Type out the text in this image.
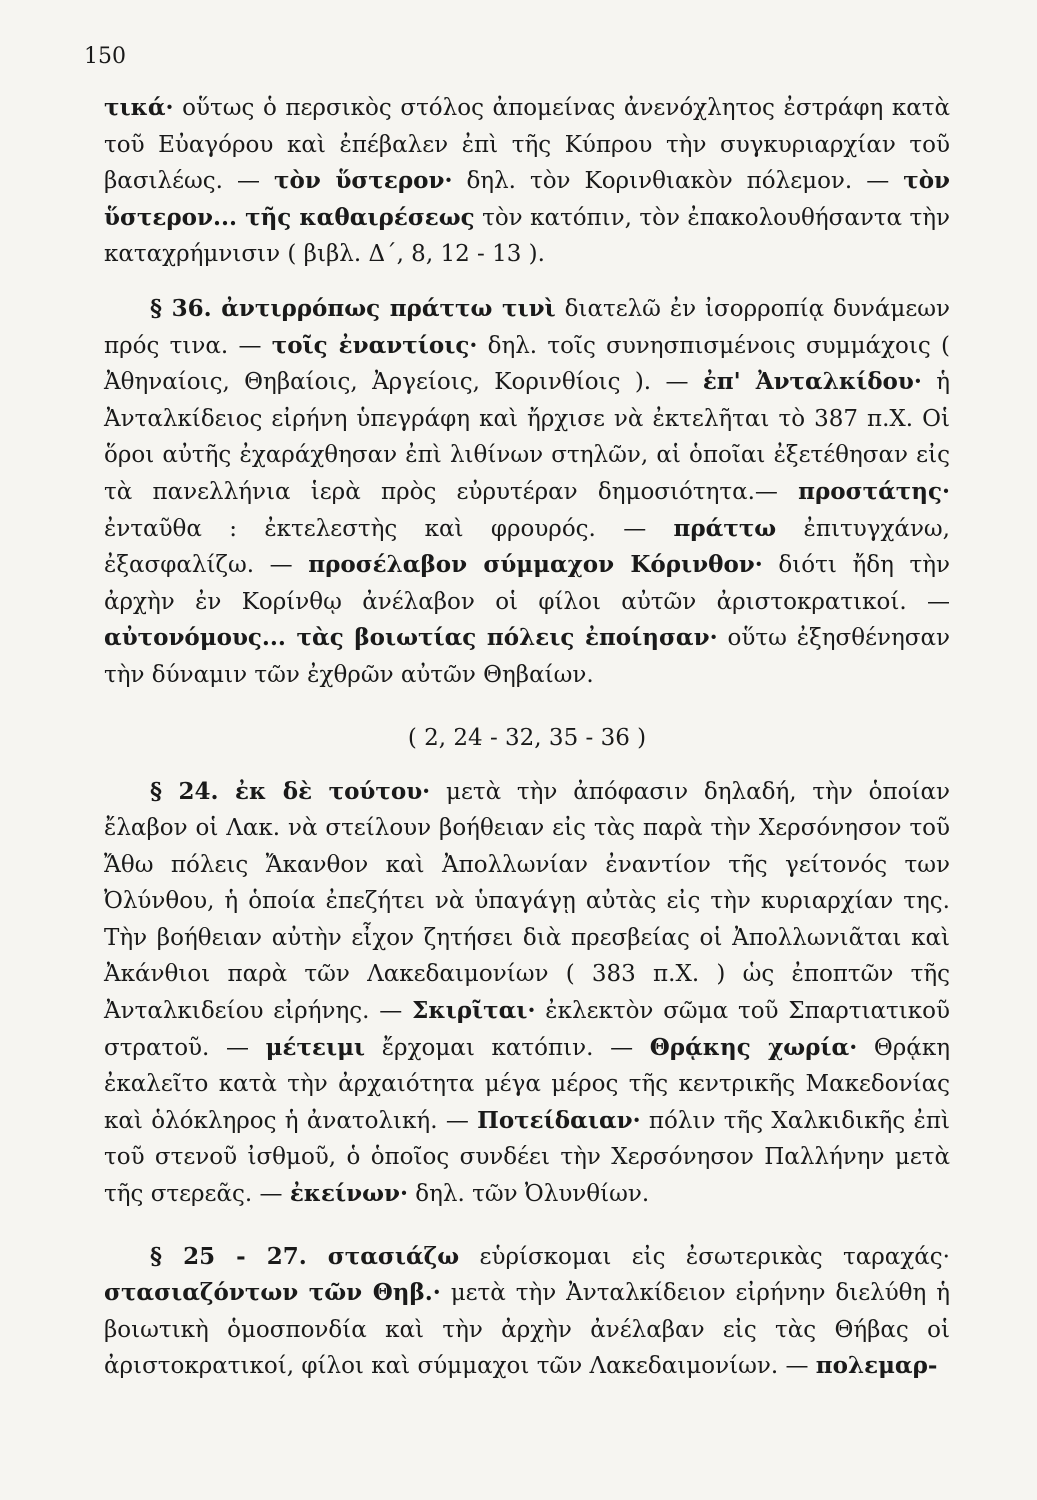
150

τικά· οὕτως ὁ περσικὸς στόλος ἀπομείνας ἀνενόχλητος ἐστράφη κατὰ τοῦ Εὐαγόρου καὶ ἐπέβαλεν ἐπὶ τῆς Κύπρου τὴν συγκυριαρχίαν τοῦ βασιλέως. — τὸν ὕστερον· δηλ. τὸν Κορινθιακὸν πόλεμον. — τὸν ὕστερον... τῆς καθαιρέσεως τὸν κατόπιν, τὸν ἐπακολουθήσαντα τὴν καταχρήμνισιν ( βιβλ. Δ΄, 8, 12 - 13 ).

§ 36. ἀντιρρόπως πράττω τινὶ διατελῶ ἐν ἰσορροπίᾳ δυνάμεων πρός τινα. — τοῖς ἐναντίοις· δηλ. τοῖς συνησπισμένοις συμμάχοις ( Ἀθηναίοις, Θηβαίοις, Ἀργείοις, Κορινθίοις ). — ἐπ' Ἀνταλκίδου· ἡ Ἀνταλκίδειος εἰρήνη ὑπεγράφη καὶ ἤρχισε νὰ ἐκτελῆται τὸ 387 π.Χ. Οἱ ὅροι αὐτῆς ἐχαράχθησαν ἐπὶ λιθίνων στηλῶν, αἱ ὁποῖαι ἐξετέθησαν εἰς τὰ πανελλήνια ἱερὰ πρὸς εὐρυτέραν δημοσιότητα.— προστάτης· ἐνταῦθα : ἐκτελεστὴς καὶ φρουρός. — πράττω ἐπιτυγχάνω, ἐξασφαλίζω. — προσέλαβον σύμμαχον Κόρινθον· διότι ἤδη τὴν ἀρχὴν ἐν Κορίνθῳ ἀνέλαβον οἱ φίλοι αὐτῶν ἀριστοκρατικοί. — αὐτονόμους... τὰς βοιωτίας πόλεις ἐποίησαν· οὕτω ἐξησθένησαν τὴν δύναμιν τῶν ἐχθρῶν αὐτῶν Θηβαίων.

( 2, 24 - 32, 35 - 36 )

§ 24. ἐκ δὲ τούτου· μετὰ τὴν ἀπόφασιν δηλαδή, τὴν ὁποίαν ἔλαβον οἱ Λακ. νὰ στείλουν βοήθειαν εἰς τὰς παρὰ τὴν Χερσόνησον τοῦ Ἄθω πόλεις Ἄκανθον καὶ Ἀπολλωνίαν ἐναντίον τῆς γείτονός των Ὀλύνθου, ἡ ὁποία ἐπεζήτει νὰ ὑπαγάγῃ αὐτὰς εἰς τὴν κυριαρχίαν της. Τὴν βοήθειαν αὐτὴν εἶχον ζητήσει διὰ πρεσβείας οἱ Ἀπολλωνιᾶται καὶ Ἀκάνθιοι παρὰ τῶν Λακεδαιμονίων ( 383 π.Χ. ) ὡς ἐποπτῶν τῆς Ἀνταλκιδείου εἰρήνης. — Σκιρῖται· ἐκλεκτὸν σῶμα τοῦ Σπαρτιατικοῦ στρατοῦ. — μέτειμι ἔρχομαι κατόπιν. — Θρᾴκης χωρία· Θρᾴκη ἐκαλεῖτο κατὰ τὴν ἀρχαιότητα μέγα μέρος τῆς κεντρικῆς Μακεδονίας καὶ ὁλόκληρος ἡ ἀνατολική. — Ποτείδαιαν· πόλιν τῆς Χαλκιδικῆς ἐπὶ τοῦ στενοῦ ἰσθμοῦ, ὁ ὁποῖος συνδέει τὴν Χερσόνησον Παλλήνην μετὰ τῆς στερεᾶς. — ἐκείνων· δηλ. τῶν Ὀλυνθίων.

§ 25 - 27. στασιάζω εὑρίσκομαι εἰς ἐσωτερικὰς ταραχάς· στασιαζόντων τῶν Θηβ.· μετὰ τὴν Ἀνταλκίδειον εἰρήνην διελύθη ἡ βοιωτικὴ ὁμοσπονδία καὶ τὴν ἀρχὴν ἀνέλαβαν εἰς τὰς Θήβας οἱ ἀριστοκρατικοί, φίλοι καὶ σύμμαχοι τῶν Λακεδαιμονίων. — πολεμαρ-
